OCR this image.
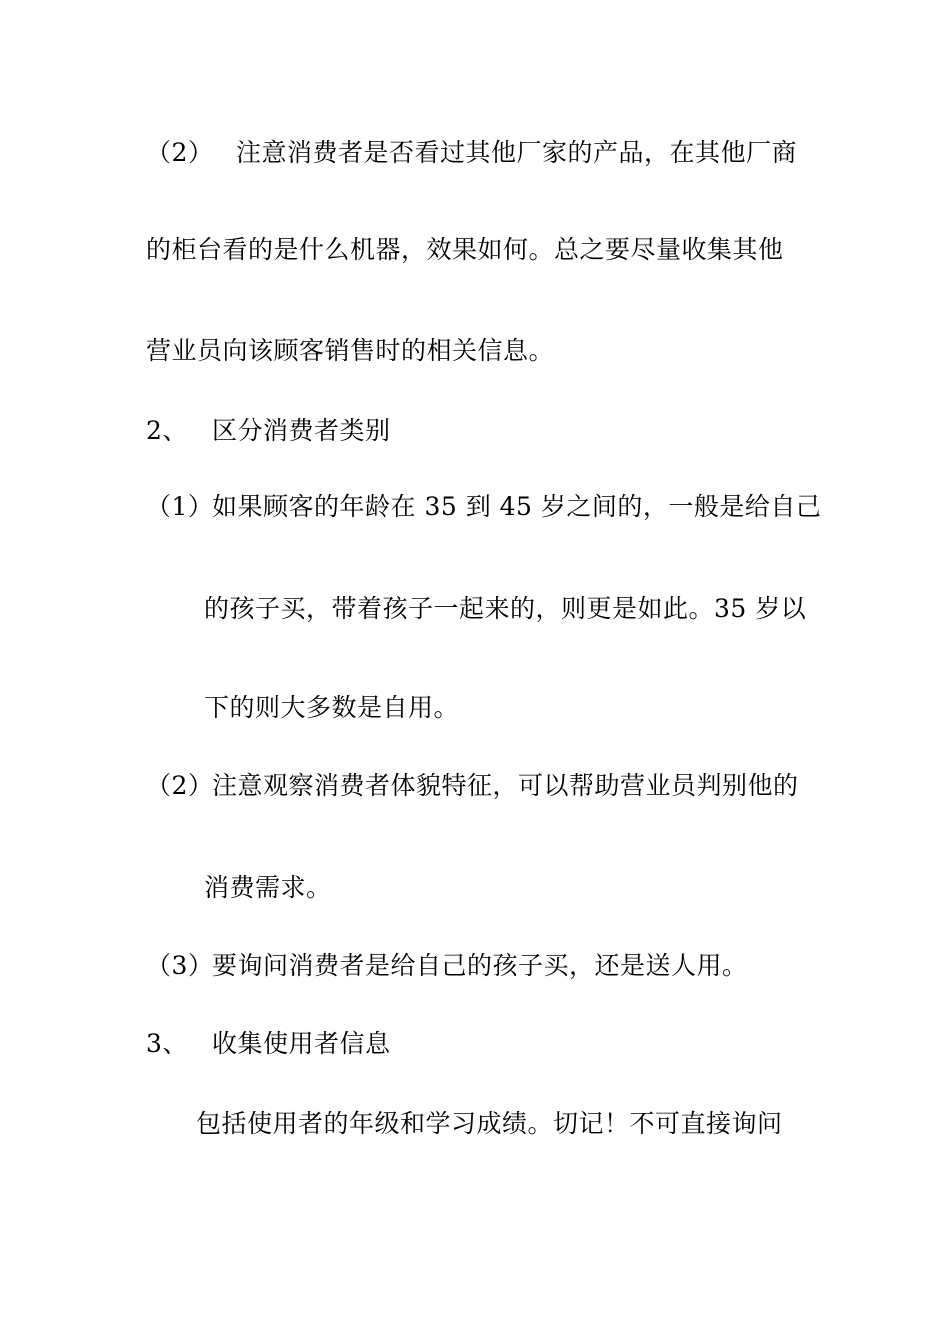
（2） 注意消费者是否看过其他厂家的产品，在其他厂商
的柜台看的是什么机器，效果如何。总之要尽量收集其他
营业员向该顾客销售时的相关信息。
2、 区分消费者类别
（1）如果顾客的年龄在 35 到 45 岁之间的，一般是给自己
的孩子买，带着孩子一起来的，则更是如此。35 岁以
下的则大多数是自用。
（2）注意观察消费者体貌特征，可以帮助营业员判别他的
消费需求。
（3）要询问消费者是给自己的孩子买，还是送人用。
3、 收集使用者信息
包括使用者的年级和学习成绩。切记！不可直接询问
